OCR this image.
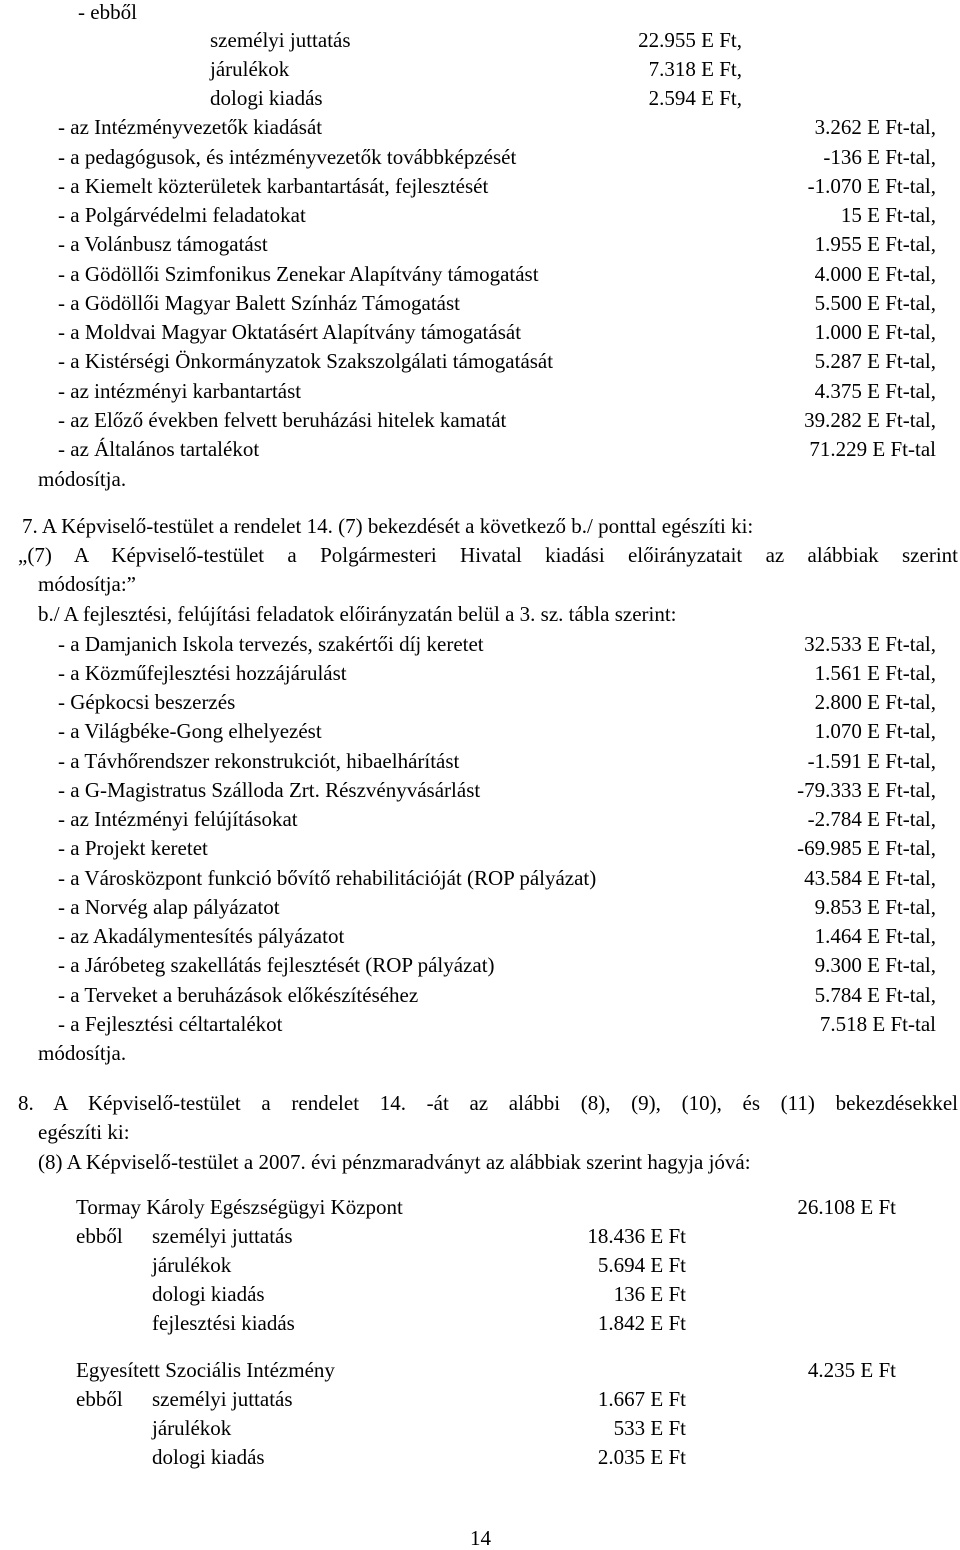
- ebből
személyi juttatás	22.955 E Ft,
járulékok	7.318 E Ft,
dologi kiadás	2.594 E Ft,
- az Intézményvezetők kiadását	3.262 E Ft-tal,
- a pedagógusok, és intézményvezetők továbbképzését	-136 E Ft-tal,
- a Kiemelt közterületek karbantartását, fejlesztését	-1.070 E Ft-tal,
- a Polgárvédelmi feladatokat	15 E Ft-tal,
- a Volánbusz támogatást	1.955 E Ft-tal,
- a Gödöllői Szimfonikus Zenekar Alapítvány támogatást	4.000 E Ft-tal,
- a Gödöllői Magyar Balett Színház Támogatást	5.500 E Ft-tal,
- a Moldvai Magyar Oktatásért Alapítvány támogatását	1.000 E Ft-tal,
- a Kistérségi Önkormányzatok Szakszolgálati támogatását	5.287 E Ft-tal,
- az intézményi karbantartást	4.375 E Ft-tal,
- az Előző években felvett beruházási hitelek kamatát	39.282 E Ft-tal,
- az Általános tartalékot	71.229 E Ft-tal
módosítja.
7. A Képviselő-testület a rendelet 14. (7) bekezdését a következő b./ ponttal egészíti ki:
„(7) A Képviselő-testület a Polgármesteri Hivatal kiadási előirányzatait az alábbiak szerint
módosítja:”
b./ A fejlesztési, felújítási feladatok előirányzatán belül a 3. sz. tábla szerint:
- a Damjanich Iskola tervezés, szakértői díj keretet	32.533 E Ft-tal,
- a Közműfejlesztési hozzájárulást	1.561 E Ft-tal,
- Gépkocsi beszerzés	2.800 E Ft-tal,
- a Világbéke-Gong elhelyezést	1.070 E Ft-tal,
- a Távhőrendszer rekonstrukciót, hibaelhárítást	-1.591 E Ft-tal,
- a G-Magistratus Szálloda Zrt. Részvényvásárlást	-79.333 E Ft-tal,
- az Intézményi felújításokat	-2.784 E Ft-tal,
- a Projekt keretet	-69.985 E Ft-tal,
- a Városközpont funkció bővítő rehabilitációját (ROP pályázat)	43.584 E Ft-tal,
- a Norvég alap pályázatot	9.853 E Ft-tal,
- az Akadálymentesítés pályázatot	1.464 E Ft-tal,
- a Járóbeteg szakellátás fejlesztését (ROP pályázat)	9.300 E Ft-tal,
- a Terveket a beruházások előkészítéséhez	5.784 E Ft-tal,
- a Fejlesztési céltartalékot	7.518 E Ft-tal
módosítja.
8. A Képviselő-testület a rendelet 14. -át az alábbi (8), (9), (10), és (11) bekezdésekkel
egészíti ki:
(8) A Képviselő-testület a 2007. évi pénzmaradványt az alábbiak szerint hagyja jóvá:
Tormay Károly Egészségügyi Központ	26.108 E Ft
ebből személyi juttatás	18.436 E Ft
járulékok	5.694 E Ft
dologi kiadás	136 E Ft
fejlesztési kiadás	1.842 E Ft
Egyesített Szociális Intézmény	4.235 E Ft
ebből személyi juttatás	1.667 E Ft
járulékok	533 E Ft
dologi kiadás	2.035 E Ft
14
